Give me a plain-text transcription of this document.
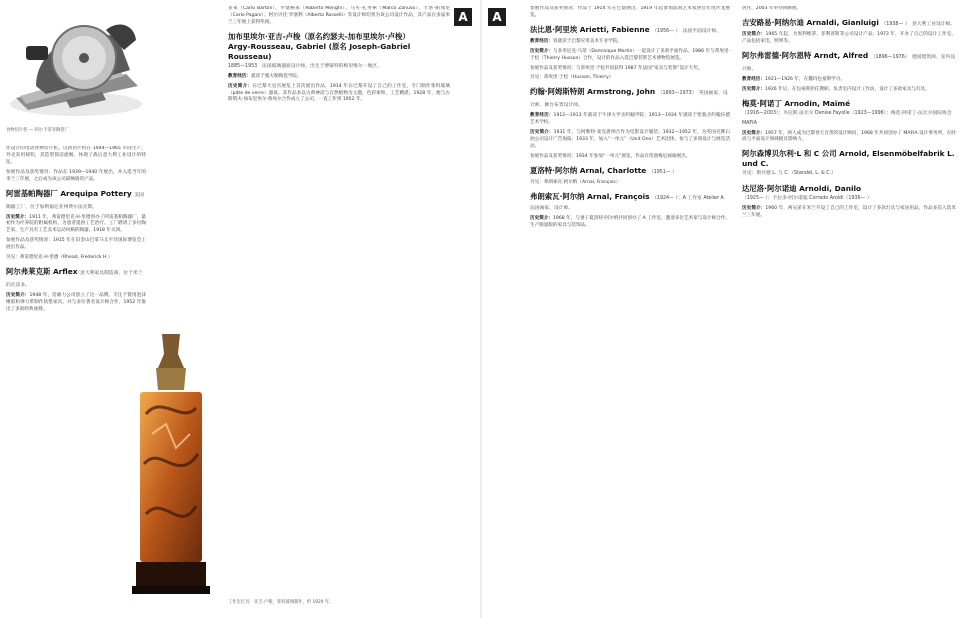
食物切片机 — 阿尔卡蒂亚陶瓷厂

作设计的电动食物切片机。这款切片机在 1944—1965 年间生产，外壳采用铸铝，其造型简洁流畅，体现了战后意大利工业设计的特征。

参展作品及获奖情况：作品在 1939—1940 年展出，并入选当年的米兰三年展，之后成为该公司最畅销的产品。

阿雷基帕陶器厂 Arequipa Pottery 美国陶器工厂，位于加利福尼亚州费尔法克斯。

历史简介：1911 年，弗雷德里克·H·里德创办了阿雷基帕陶器厂，最初作为疗养院的附属机构，为患者提供工艺治疗。工厂聘请了多位陶艺家，生产具有工艺美术运动风格的陶器，1918 年关闭。

参展作品及获奖情况：1915 年在旧金山巴拿马太平洋国际博览会上展出作品。

另见：弗雷德里克·H·里德（Rhead, Frederick H.）

阿尔弗莱克斯 Arflex 意大利家具制造商，位于米兰的瓦雷多。

历史简介：1948 年，倍耐力公司创立了这一品牌，专注于使用泡沫橡胶和弹力带制作软垫家具，并与多位著名设计师合作，1952 年推出了多款经典座椅。

多莱（Carlo Bartoli）、罗塞格莱（Roberto Menghi）、马可·扎努索（Marco Zanuso）、卡洛·帕加尼（Carlo Pagani）、阿尔贝托·罗塞利（Alberto Rosselli）等设计师均曾为该公司设计作品，其产品在多届米兰三年展上获得奖项。

加布里埃尔·亚吉-卢梭（原名约瑟夫-加布里埃尔·卢梭）
Argy-Rousseau, Gabriel (原名 Joseph-Gabriel Rousseau)
1885—1953　法国玻璃器皿设计师，出生于博蒙特的梅里维尔一地区。

教育经历：就读于塞夫勒陶瓷学院。

历史简介：在巴黎大皇宫展览上首次展出作品，1914 年在巴黎开设了自己的工作室，专门制作浆料玻璃（pâte de verre）器皿。其作品多以古典神话与自然植物为主题，色彩柔和，工艺精湛。1928 年，他与古斯塔夫-加布里埃尔·鲁埃尔合作成立了公司，一直工作到 1952 年。

工作室灯具：亚吉-卢梭，浆料玻璃制作，约 1929 年。
A	A

参展作品及获奖情况：作品于 1914 年在巴黎展出，1919 年起参加法国艺术家协会年度沙龙展览。

法比恩·阿里埃 Arietti, Fabienne （1956— ）　法国平面设计师。

教育经历：曾就读于巴黎应用美术专业学院。

历史简介：与多米尼克·马蒂（Dominique Martin）一起设计了多款平面作品，1986 年与蒂埃里·于松（Thierry Husson）合作，设计的作品入选巴黎装饰艺术博物馆展览。

参展作品及获奖情况：与蒂埃里·于松共同获得 1987 年法国“家具与装饰”设计大奖。

另见：蒂埃里·于松（Husson, Thierry）

约翰·阿姆斯特朗 Armstrong, John （1893—1973）　英国画家、设计师、舞台布景设计师。

教育经历：1912—1913 年就读于牛津大学圣约翰学院；1913—1924 年就读于伦敦圣约翰伍德艺术学校。

历史简介：1931 年，与阿勒特·麦克唐纳合作为电影设计服装；1932—1952 年，为英国壳牌石油公司设计广告海报；1933 年，加入“一单元”（Unit One）艺术团体，参与了多项设计与展览活动。

参展作品及获奖情况：1934 年参加“一单元”展览，作品在伦敦梅厄画廊展出。

夏洛特·阿尔纳 Arnal, Charlotte （1951— ）

另见：弗朗索瓦·阿尔纳（Arnal, François）

弗朗索瓦·阿尔纳 Arnal, François （1924— ）；A 工作室 Atelier A
法国画家、设计师。

历史简介：1968 年，与妻子夏洛特·阿尔纳共同创办了 A 工作室，邀请多位艺术家与设计师合作，生产限量版的家具与装饰品。

居住，2003 年举办回顾展。

吉安路易·阿纳尔迪 Arnaldi, Gianluigi （1938— ）　意大利工业设计师。

历史简介：1965 年起，为奥利维蒂、菲利普斯等公司设计产品；1973 年，开办了自己的设计工作室，产品包括家电、照明等。

阿尔弗雷德·阿尔恩特 Arndt, Alfred （1896—1976）　德国建筑师、室内设计师。

教育经历：1921—1926 年，在魏玛包豪斯学习。

历史简介：1926 年后，在包豪斯担任教职，负责室内设计工作坊，设计了多款家具与灯具。

梅莫·阿诺丁 Arnodin, Maïmé
（1916—2003）；丹尼斯·法尤尔 Denise Fayolle（1923—1996）；梅莫·阿诺丁-法尤尔国际协会 MAFIA

历史简介：1957 年，两人成为巴黎春天百货的设计顾问，1968 年共同创办了 MAFIA 设计事务所，在时尚与平面设计领域极具影响力。

阿尔森博贝尔利·L 和 C 公司 Arnold, Elsenmöbelfabrik L. und C.
另见：斯丹德 L. 与 C.（Standel, L. & C.）
达尼洛·阿尔诺迪 Arnoldi, Danilo
（1925— ）；卡拉多·阿尔诺迪 Corrado Aroldi（1936— ）

历史简介：1960 年，两兄弟在米兰开设了自己的工作室，设计了多款灯具与家居用品，作品多次入选米兰三年展。
